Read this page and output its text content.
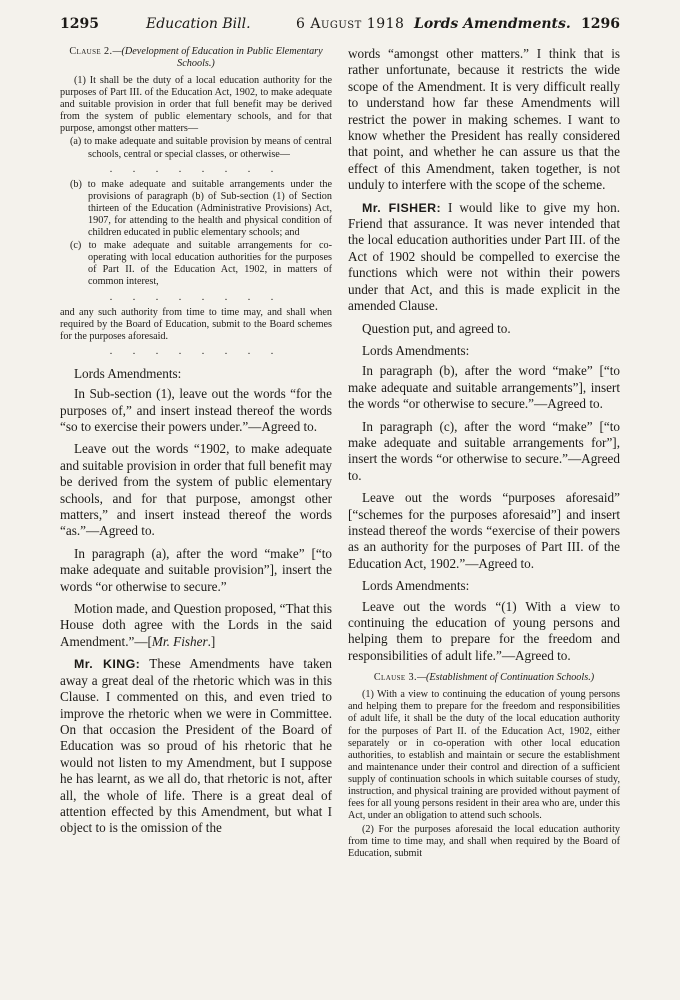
1295	Education Bill.	6 August 1918 Lords Amendments. 1296
Clause 2.—(Development of Education in Public Elementary Schools.)

(1) It shall be the duty of a local education authority for the purposes of Part III. of the Education Act, 1902, to make adequate and suitable provision in order that full benefit may be derived from the system of public elementary schools, and for that purpose, amongst other matters—

(a) to make adequate and suitable provision by means of central schools, central or special classes, or otherwise—

. . . . . . . .

(b) to make adequate and suitable arrangements under the provisions of paragraph (b) of Sub-section (1) of Section thirteen of the Education (Administrative Provisions) Act, 1907, for attending to the health and physical condition of children educated in public elementary schools; and

(c) to make adequate and suitable arrangements for co-operating with local education authorities for the purposes of Part II. of the Education Act, 1902, in matters of common interest,

. . . . . . . .

and any such authority from time to time may, and shall when required by the Board of Education, submit to the Board schemes for the purposes aforesaid.

. . . . . . . .

Lords Amendments:

In Sub-section (1), leave out the words “for the purposes of,” and insert instead thereof the words “so to exercise their powers under.”—Agreed to.

Leave out the words “1902, to make adequate and suitable provision in order that full benefit may be derived from the system of public elementary schools, and for that purpose, amongst other matters,” and insert instead thereof the words “as.”—Agreed to.

In paragraph (a), after the word “make” [“to make adequate and suitable provision”], insert the words “or otherwise to secure.”

Motion made, and Question proposed, “That this House doth agree with the Lords in the said Amendment.”—[Mr. Fisher.]

Mr. KING: These Amendments have taken away a great deal of the rhetoric which was in this Clause. I commented on this, and even tried to improve the rhetoric when we were in Committee. On that occasion the President of the Board of Education was so proud of his rhetoric that he would not listen to my Amendment, but I suppose he has learnt, as we all do, that rhetoric is not, after all, the whole of life. There is a great deal of attention effected by this Amendment, but what I object to is the omission of the

words “amongst other matters.” I think that is rather unfortunate, because it restricts the wide scope of the Amendment. It is very difficult really to understand how far these Amendments will restrict the power in making schemes. I want to know whether the President has really considered that point, and whether he can assure us that the effect of this Amendment, taken together, is not unduly to interfere with the scope of the scheme.

Mr. FISHER: I would like to give my hon. Friend that assurance. It was never intended that the local education authorities under Part III. of the Act of 1902 should be compelled to exercise the functions which were not within their powers under that Act, and this is made explicit in the amended Clause.

Question put, and agreed to.

Lords Amendments:

In paragraph (b), after the word “make” [“to make adequate and suitable arrangements”], insert the words “or otherwise to secure.”—Agreed to.

In paragraph (c), after the word “make” [“to make adequate and suitable arrangements for”], insert the words “or otherwise to secure.”—Agreed to.

Leave out the words “purposes aforesaid” [“schemes for the purposes aforesaid”] and insert instead thereof the words “exercise of their powers as an authority for the purposes of Part III. of the Education Act, 1902.”—Agreed to.

Lords Amendments:

Leave out the words “(1) With a view to continuing the education of young persons and helping them to prepare for the freedom and responsibilities of adult life.”—Agreed to.

Clause 3.—(Establishment of Continuation Schools.)

(1) With a view to continuing the education of young persons and helping them to prepare for the freedom and responsibilities of adult life, it shall be the duty of the local education authority for the purposes of Part II. of the Education Act, 1902, either separately or in co-operation with other local education authorities, to establish and maintain or secure the establishment and maintenance under their control and direction of a sufficient supply of continuation schools in which suitable courses of study, instruction, and physical training are provided without payment of fees for all young persons resident in their area who are, under this Act, under an obligation to attend such schools.

(2) For the purposes aforesaid the local education authority from time to time may, and shall when required by the Board of Education, submit
